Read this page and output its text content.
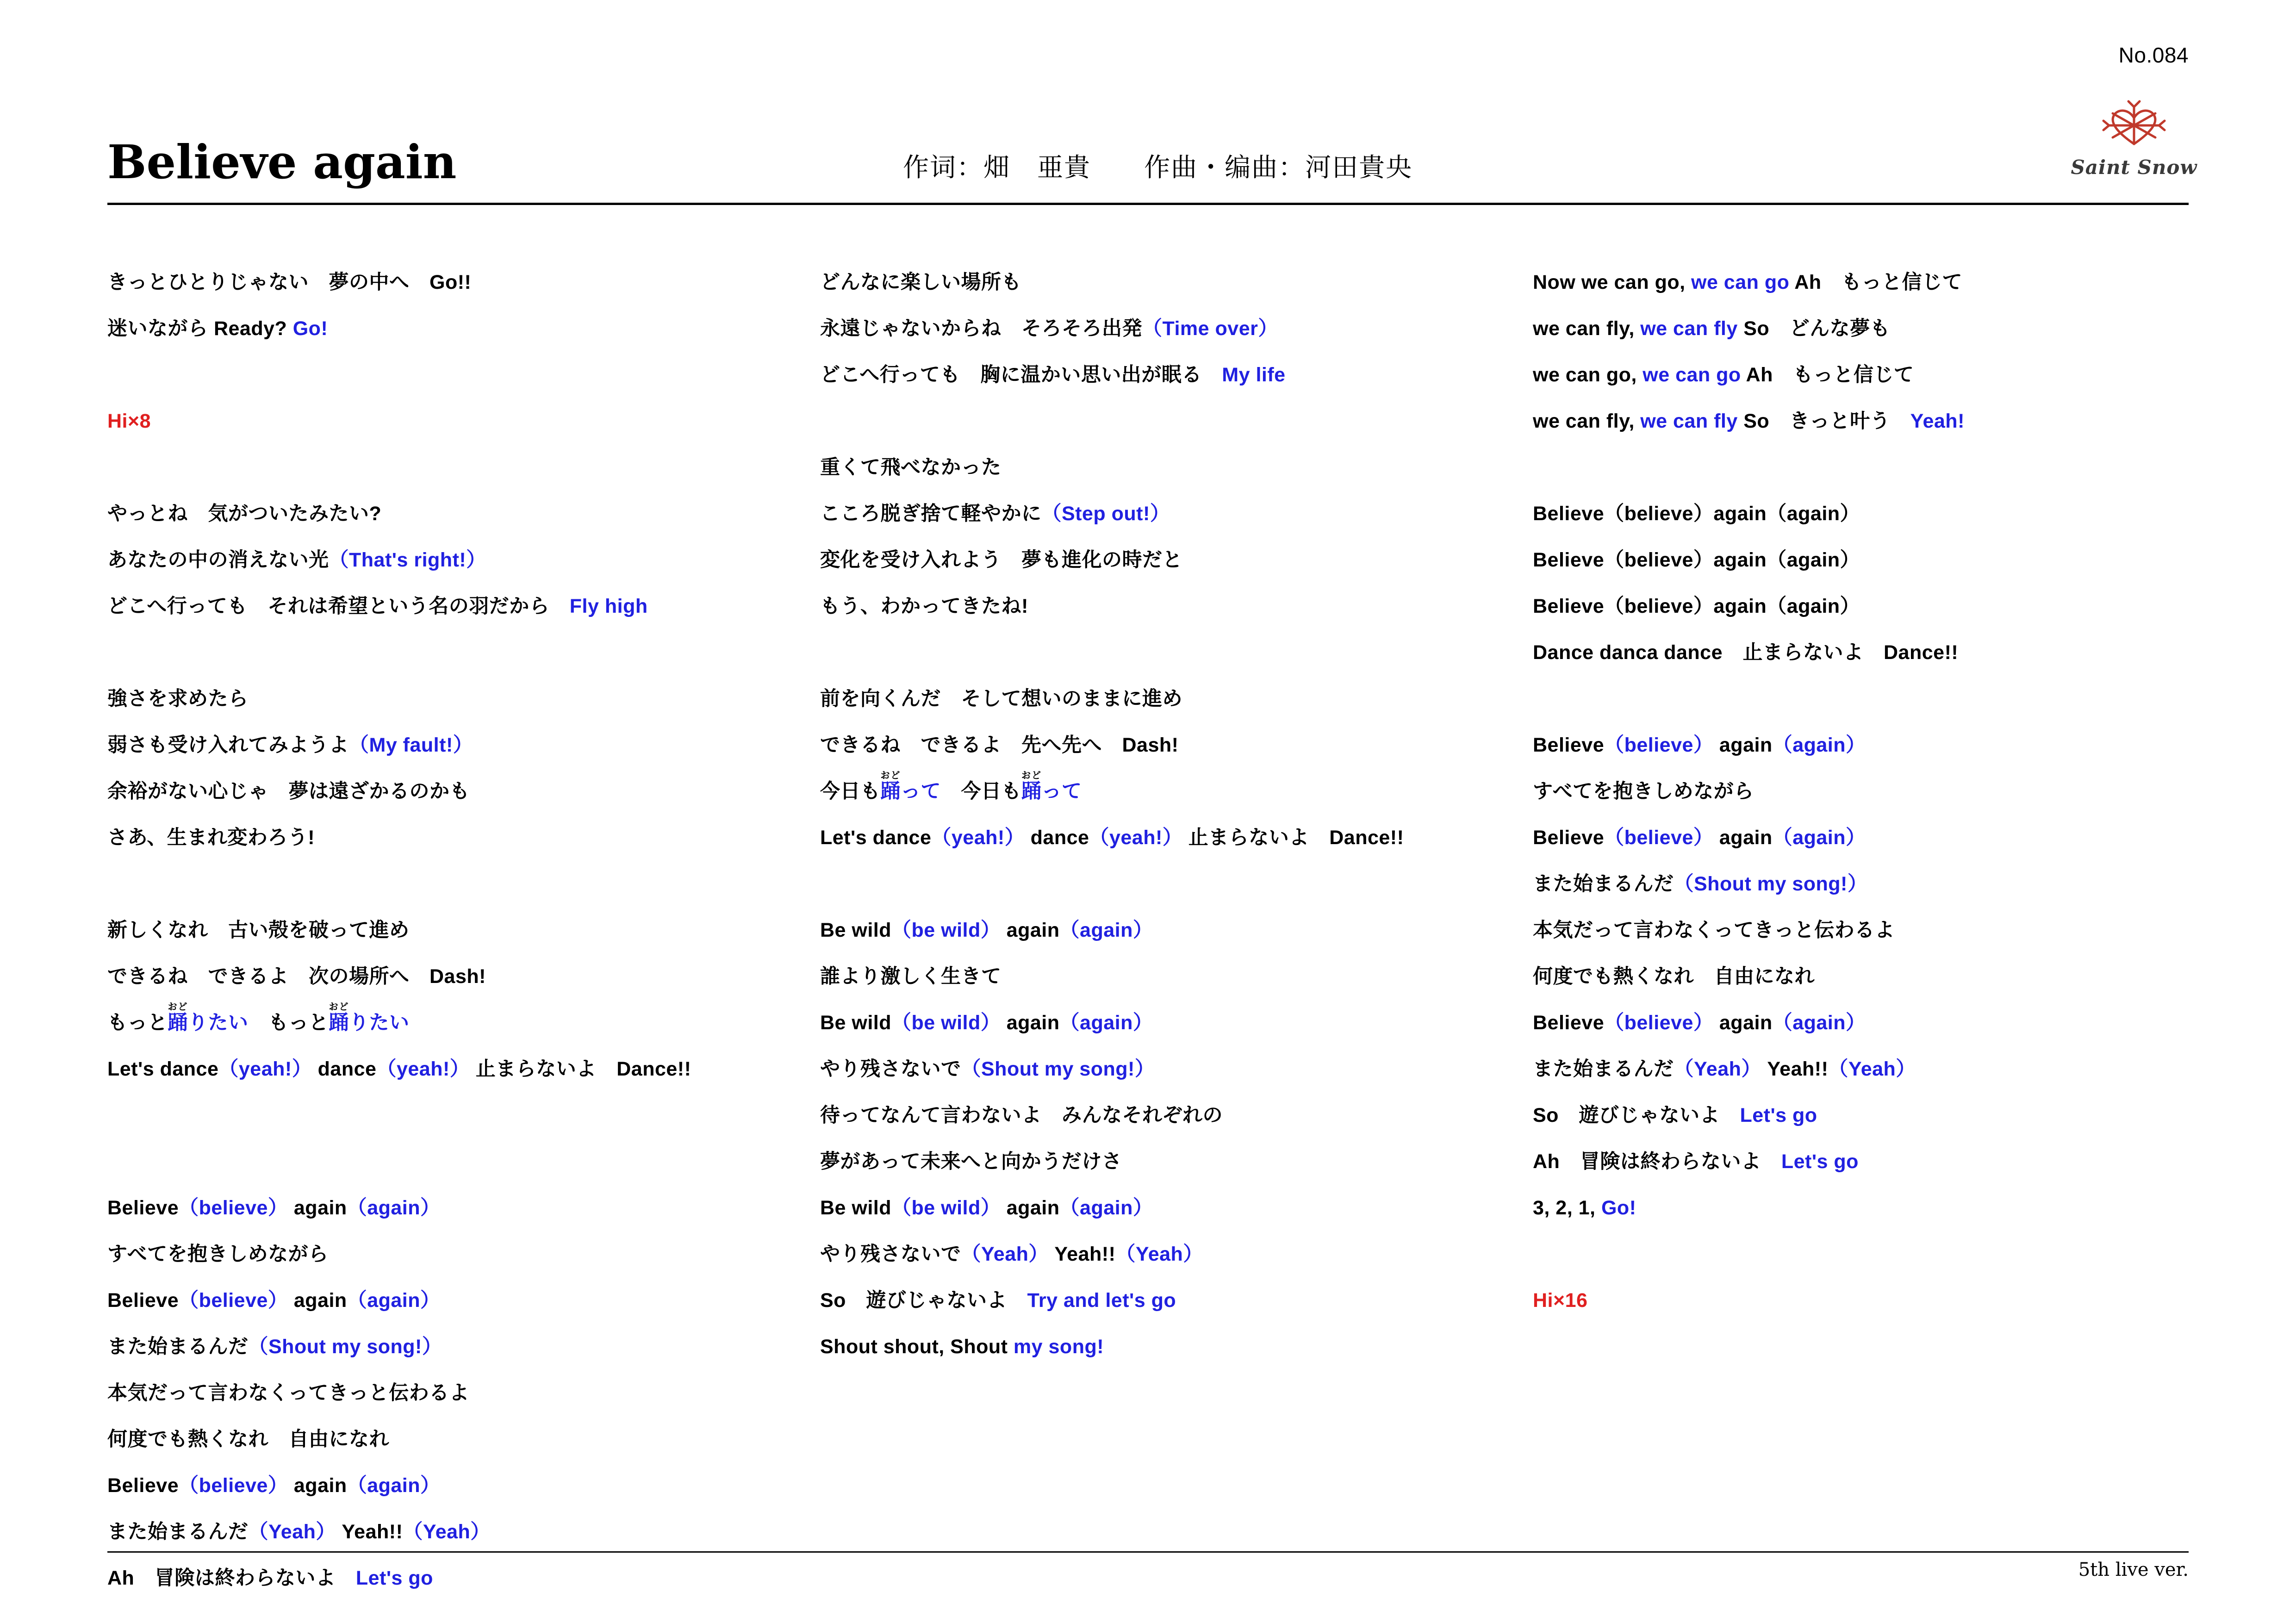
No.084
Saint Snow
Believe again	作词：畑　亜貴 作曲・编曲：河田貴央
きっとひとりじゃない　夢の中へ　Go!!
迷いながら Ready? Go!

Hi×8

やっとね　気がついたみたい?
あなたの中の消えない光（That's right!）
どこへ行っても　それは希望という名の羽だから　Fly high

強さを求めたら
弱さも受け入れてみようよ（My fault!）
余裕がない心じゃ　夢は遠ざかるのかも
さあ、生まれ変わろう!

新しくなれ　古い殻を破って進め
できるね　できるよ　次の場所へ　Dash!
もっと
おど
踊りたい　もっと
おど
踊りたい
Let's dance（yeah!） dance（yeah!） 止まらないよ　Dance!!

Believe（believe） again（again）
すべてを抱きしめながら
Believe（believe） again（again）
また始まるんだ（Shout my song!）
本気だって言わなくってきっと伝わるよ
何度でも熱くなれ　自由になれ
Believe（believe） again（again）
また始まるんだ（Yeah） Yeah!!（Yeah）
Ah　冒険は終わらないよ　Let's go
どんなに楽しい場所も
永遠じゃないからね　そろそろ出発（Time over）
どこへ行っても　胸に温かい思い出が眠る　My life

重くて飛べなかった
こころ脱ぎ捨て軽やかに（Step out!）
変化を受け入れよう　夢も進化の時だと
もう、わかってきたね!

前を向くんだ　そして想いのままに進め
できるね　できるよ　先へ先へ　Dash!
今日も
おど
踊って　今日も
おど
踊って
Let's dance（yeah!） dance（yeah!） 止まらないよ　Dance!!

Be wild（be wild） again（again）
誰より激しく生きて
Be wild（be wild） again（again）
やり残さないで（Shout my song!）
待ってなんて言わないよ　みんなそれぞれの
夢があって未来へと向かうだけさ
Be wild（be wild） again（again）
やり残さないで（Yeah） Yeah!!（Yeah）
So　遊びじゃないよ　Try and let's go
Shout shout, Shout my song!
Now we can go, we can go Ah　もっと信じて
we can fly, we can fly So　どんな夢も
we can go, we can go Ah　もっと信じて
we can fly, we can fly So　きっと叶う　Yeah!

Believe（believe）again（again）
Believe（believe）again（again）
Believe（believe）again（again）
Dance danca dance　止まらないよ　Dance!!

Believe（believe） again（again）
すべてを抱きしめながら
Believe（believe） again（again）
また始まるんだ（Shout my song!）
本気だって言わなくってきっと伝わるよ
何度でも熱くなれ　自由になれ
Believe（believe） again（again）
また始まるんだ（Yeah） Yeah!!（Yeah）
So　遊びじゃないよ　Let's go
Ah　冒険は終わらないよ　Let's go
3, 2, 1, Go!

Hi×16
5th live ver.
